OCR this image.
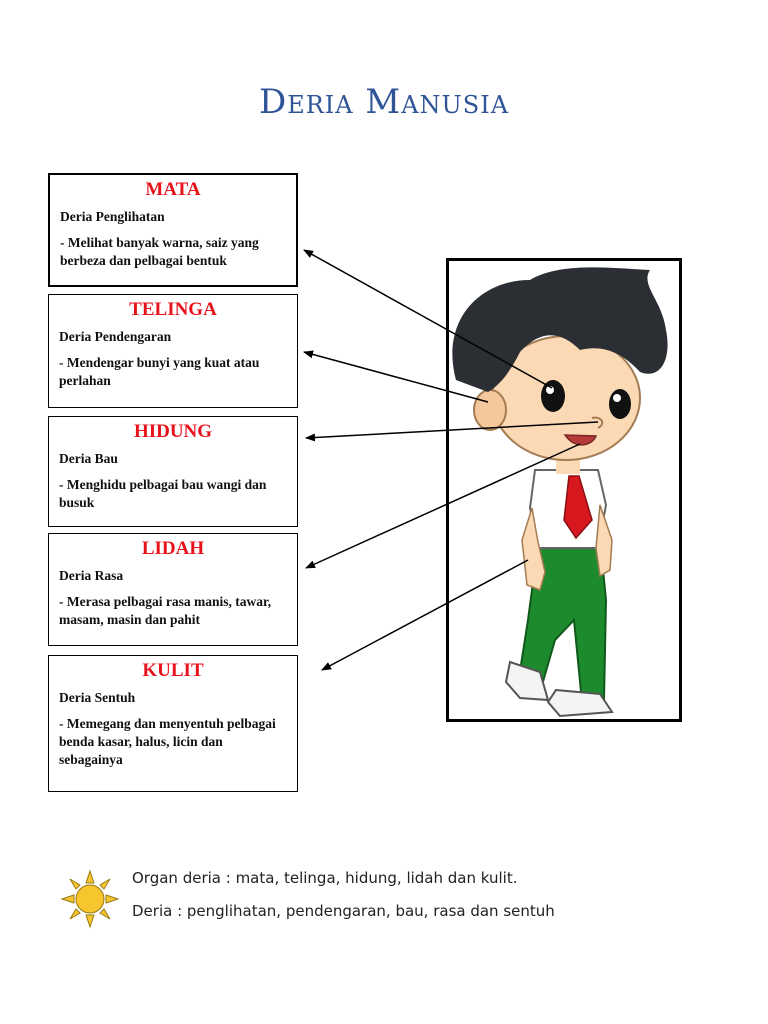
Deria Manusia
MATA

Deria Penglihatan

- Melihat banyak warna, saiz yang berbeza dan pelbagai bentuk

TELINGA

Deria Pendengaran

- Mendengar bunyi yang kuat atau perlahan

HIDUNG

Deria Bau

- Menghidu pelbagai bau wangi dan busuk

LIDAH

Deria Rasa

- Merasa pelbagai rasa manis, tawar, masam, masin dan pahit

KULIT

Deria Sentuh

- Memegang dan menyentuh pelbagai benda kasar, halus, licin dan sebagainya

Organ deria : mata, telinga, hidung, lidah dan kulit.
Deria : penglihatan, pendengaran, bau, rasa dan sentuh
